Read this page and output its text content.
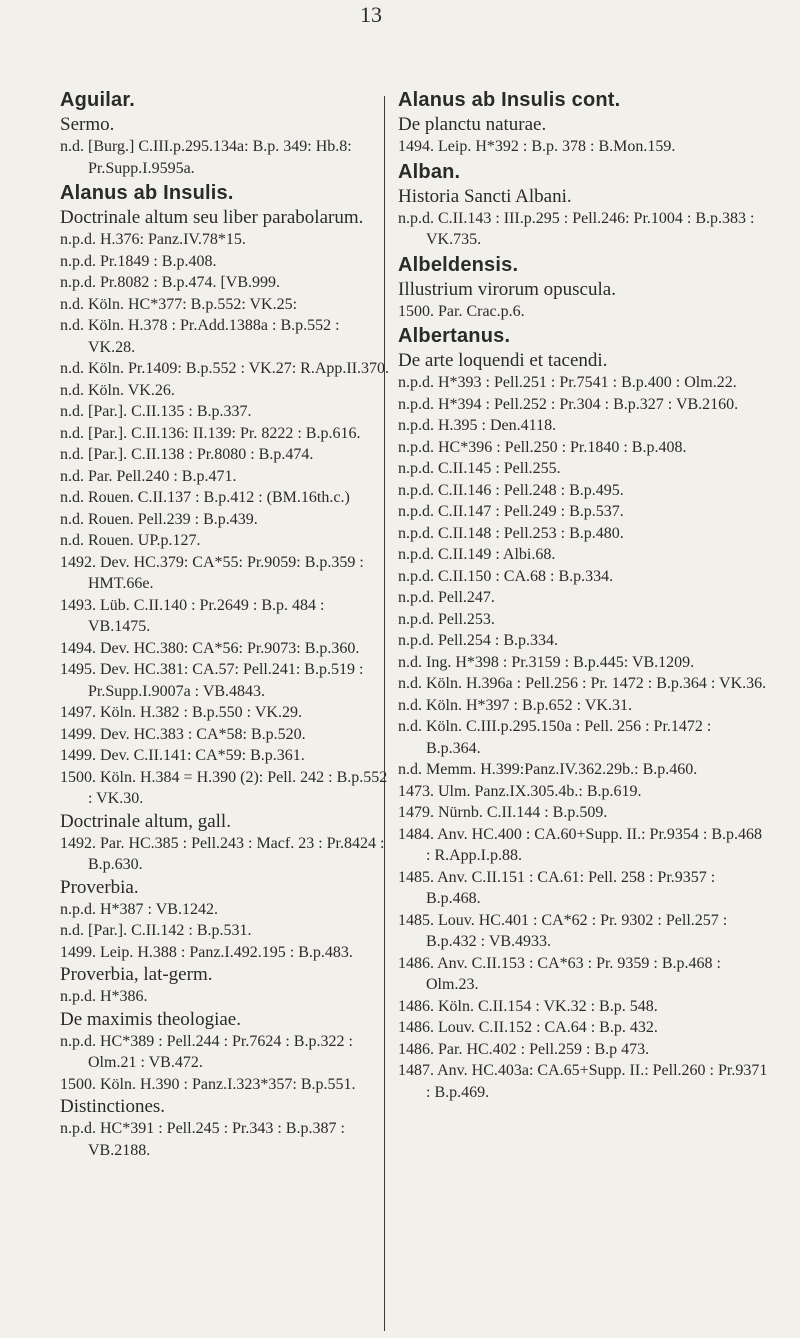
13

Aguilar.

Sermo.

n.d. [Burg.] C.III.p.295.134a: B.p. 349: Hb.8: Pr.Supp.I.9595a.

Alanus ab Insulis.

Doctrinale altum seu liber parabolarum.

n.p.d. H.376: Panz.IV.78*15.

n.p.d. Pr.1849 : B.p.408.

n.p.d. Pr.8082 : B.p.474. [VB.999.

n.d. Köln. HC*377: B.p.552: VK.25:

n.d. Köln. H.378 : Pr.Add.1388a : B.p.552 : VK.28.

n.d. Köln. Pr.1409: B.p.552 : VK.27: R.App.II.370.

n.d. Köln. VK.26.

n.d. [Par.]. C.II.135 : B.p.337.

n.d. [Par.]. C.II.136: II.139: Pr. 8222 : B.p.616.

n.d. [Par.]. C.II.138 : Pr.8080 : B.p.474.

n.d. Par. Pell.240 : B.p.471.

n.d. Rouen. C.II.137 : B.p.412 : (BM.16th.c.)

n.d. Rouen. Pell.239 : B.p.439.

n.d. Rouen. UP.p.127.

1492. Dev. HC.379: CA*55: Pr.9059: B.p.359 : HMT.66e.

1493. Lüb. C.II.140 : Pr.2649 : B.p. 484 : VB.1475.

1494. Dev. HC.380: CA*56: Pr.9073: B.p.360.

1495. Dev. HC.381: CA.57: Pell.241: B.p.519 : Pr.Supp.I.9007a : VB.4843.

1497. Köln. H.382 : B.p.550 : VK.29.

1499. Dev. HC.383 : CA*58: B.p.520.

1499. Dev. C.II.141: CA*59: B.p.361.

1500. Köln. H.384 = H.390 (2): Pell. 242 : B.p.552 : VK.30.

Doctrinale altum, gall.

1492. Par. HC.385 : Pell.243 : Macf. 23 : Pr.8424 : B.p.630.

Proverbia.

n.p.d. H*387 : VB.1242.

n.d. [Par.]. C.II.142 : B.p.531.

1499. Leip. H.388 : Panz.I.492.195 : B.p.483.

Proverbia, lat-germ.

n.p.d. H*386.

De maximis theologiae.

n.p.d. HC*389 : Pell.244 : Pr.7624 : B.p.322 : Olm.21 : VB.472.

1500. Köln. H.390 : Panz.I.323*357: B.p.551.

Distinctiones.

n.p.d. HC*391 : Pell.245 : Pr.343 : B.p.387 : VB.2188.

Alanus ab Insulis cont.

De planctu naturae.

1494. Leip. H*392 : B.p. 378 : B.Mon.159.

Alban.

Historia Sancti Albani.

n.p.d. C.II.143 : III.p.295 : Pell.246: Pr.1004 : B.p.383 : VK.735.

Albeldensis.

Illustrium virorum opuscula.

1500. Par. Crac.p.6.

Albertanus.

De arte loquendi et tacendi.

n.p.d. H*393 : Pell.251 : Pr.7541 : B.p.400 : Olm.22.

n.p.d. H*394 : Pell.252 : Pr.304 : B.p.327 : VB.2160.

n.p.d. H.395 : Den.4118.

n.p.d. HC*396 : Pell.250 : Pr.1840 : B.p.408.

n.p.d. C.II.145 : Pell.255.

n.p.d. C.II.146 : Pell.248 : B.p.495.

n.p.d. C.II.147 : Pell.249 : B.p.537.

n.p.d. C.II.148 : Pell.253 : B.p.480.

n.p.d. C.II.149 : Albi.68.

n.p.d. C.II.150 : CA.68 : B.p.334.

n.p.d. Pell.247.

n.p.d. Pell.253.

n.p.d. Pell.254 : B.p.334.

n.d. Ing. H*398 : Pr.3159 : B.p.445: VB.1209.

n.d. Köln. H.396a : Pell.256 : Pr. 1472 : B.p.364 : VK.36.

n.d. Köln. H*397 : B.p.652 : VK.31.

n.d. Köln. C.III.p.295.150a : Pell. 256 : Pr.1472 : B.p.364.

n.d. Memm. H.399:Panz.IV.362.29b.: B.p.460.

1473. Ulm. Panz.IX.305.4b.: B.p.619.

1479. Nürnb. C.II.144 : B.p.509.

1484. Anv. HC.400 : CA.60+Supp. II.: Pr.9354 : B.p.468 : R.App.I.p.88.

1485. Anv. C.II.151 : CA.61: Pell. 258 : Pr.9357 : B.p.468.

1485. Louv. HC.401 : CA*62 : Pr. 9302 : Pell.257 : B.p.432 : VB.4933.

1486. Anv. C.II.153 : CA*63 : Pr. 9359 : B.p.468 : Olm.23.

1486. Köln. C.II.154 : VK.32 : B.p. 548.

1486. Louv. C.II.152 : CA.64 : B.p. 432.

1486. Par. HC.402 : Pell.259 : B.p 473.

1487. Anv. HC.403a: CA.65+Supp. II.: Pell.260 : Pr.9371 : B.p.469.
